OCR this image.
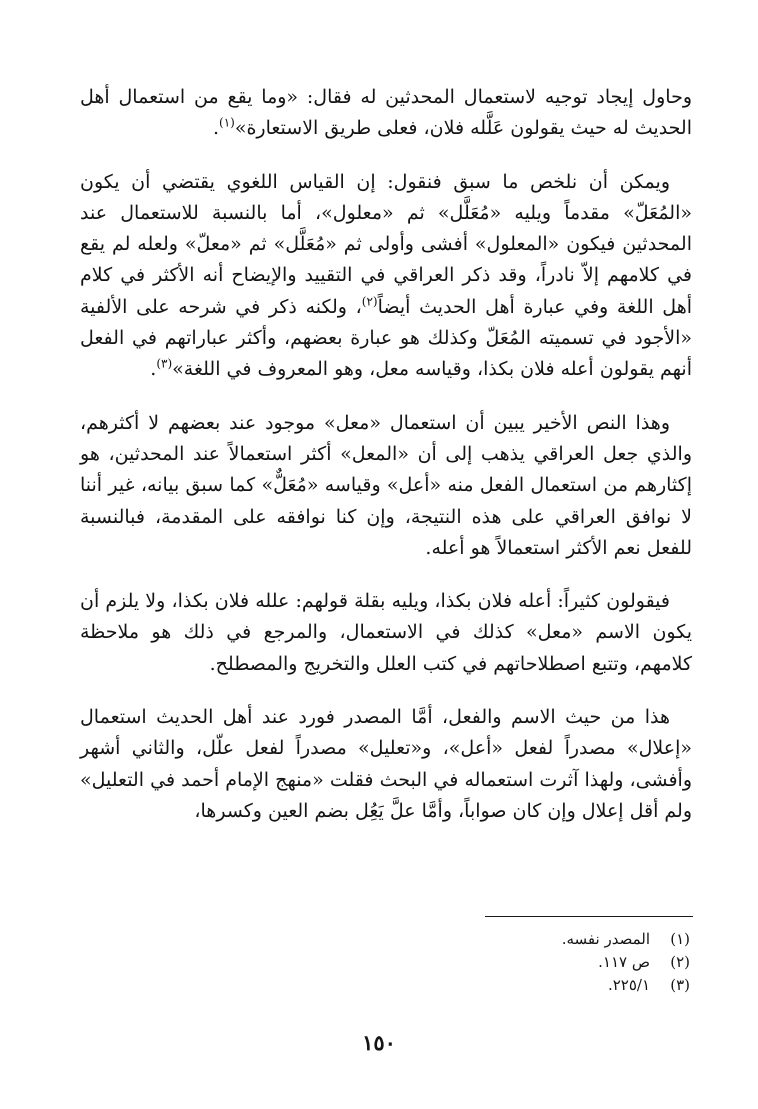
وحاول إيجاد توجيه لاستعمال المحدثين له فقال: «وما يقع من استعمال أهل الحديث له حيث يقولون عَلَّله فلان، فعلى طريق الاستعارة»$^{(١)}$.

ويمكن أن نلخص ما سبق فنقول: إن القياس اللغوي يقتضي أن يكون «المُعَلّ» مقدماً ويليه «مُعَلَّل» ثم «معلول»، أما بالنسبة للاستعمال عند المحدثين فيكون «المعلول» أفشى وأولى ثم «مُعَلَّل» ثم «معلّ» ولعله لم يقع في كلامهم إلاّ نادراً، وقد ذكر العراقي في التقييد والإيضاح أنه الأكثر في كلام أهل اللغة وفي عبارة أهل الحديث أيضاً$^{(٢)}$، ولكنه ذكر في شرحه على الألفية «الأجود في تسميته المُعَلّ وكذلك هو عبارة بعضهم، وأكثر عباراتهم في الفعل أنهم يقولون أعله فلان بكذا، وقياسه معل، وهو المعروف في اللغة»$^{(٣)}$.

وهذا النص الأخير يبين أن استعمال «معل» موجود عند بعضهم لا أكثرهم، والذي جعل العراقي يذهب إلى أن «المعل» أكثر استعمالاً عند المحدثين، هو إكثارهم من استعمال الفعل منه «أعل» وقياسه «مُعَلٌّ» كما سبق بيانه، غير أننا لا نوافق العراقي على هذه النتيجة، وإن كنا نوافقه على المقدمة، فبالنسبة للفعل نعم الأكثر استعمالاً هو أعله.

فيقولون كثيراً: أعله فلان بكذا، ويليه بقلة قولهم: علله فلان بكذا، ولا يلزم أن يكون الاسم «معل» كذلك في الاستعمال، والمرجع في ذلك هو ملاحظة كلامهم، وتتبع اصطلاحاتهم في كتب العلل والتخريج والمصطلح.

هذا من حيث الاسم والفعل، أمَّا المصدر فورد عند أهل الحديث استعمال «إعلال» مصدراً لفعل «أعل»، و«تعليل» مصدراً لفعل علّل، والثاني أشهر وأفشى، ولهذا آثرت استعماله في البحث فقلت «منهج الإمام أحمد في التعليل» ولم أقل إعلال وإن كان صواباً، وأمَّا علَّ يَعُِل بضم العين وكسرها،

(١)
المصدر نفسه.
(٢)
ص ١١٧.
(٣)
٢٢٥/١.
١٥٠
